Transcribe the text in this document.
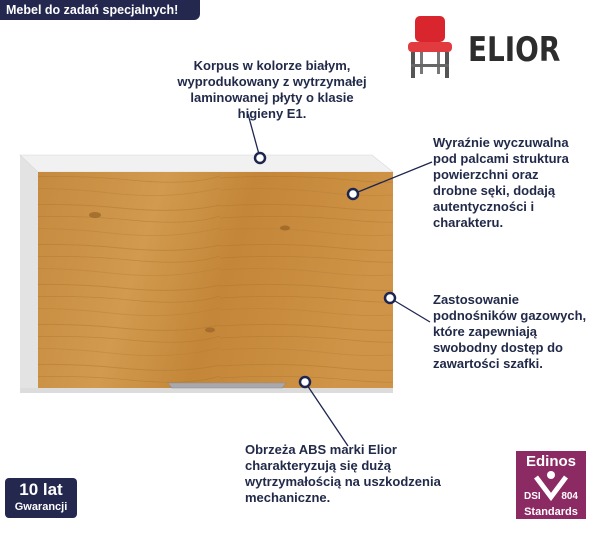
Mebel do zadań specjalnych!
ELIOR
Korpus w kolorze białym, wyprodukowany z wytrzymałej laminowanej płyty o klasie higieny E1.
Wyraźnie wyczuwalna pod palcami struktura powierzchni oraz drobne sęki, dodają autentyczności i charakteru.
Zastosowanie podnośników gazowych, które zapewniają swobodny dostęp do zawartości szafki.
Obrzeża ABS marki Elior charakteryzują się dużą wytrzymałością na uszkodzenia mechaniczne.
10 lat
Gwarancji
Edinos
DSI 804
Standards
